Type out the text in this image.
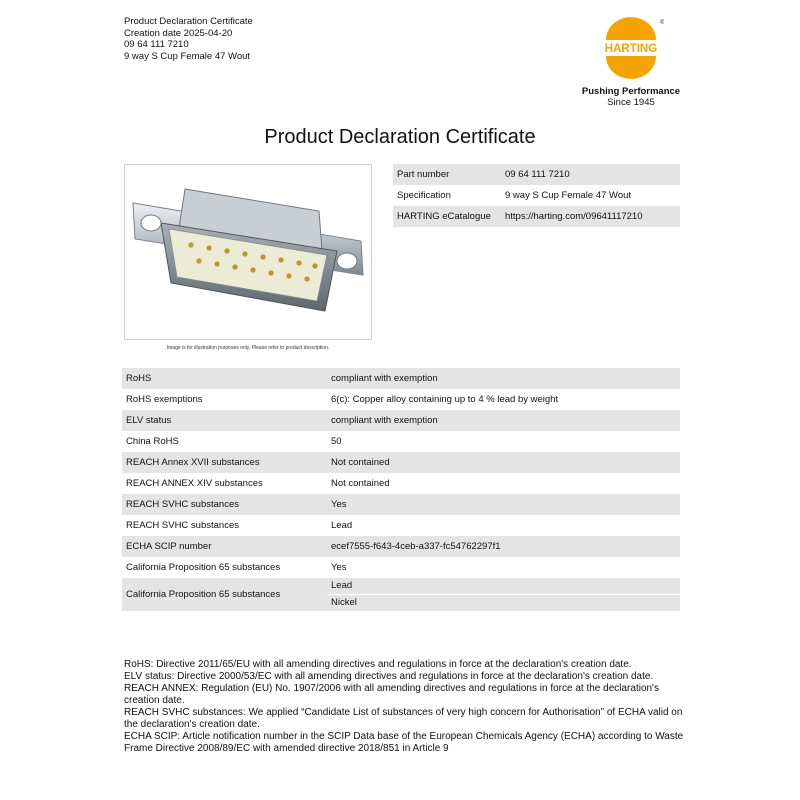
Product Declaration Certificate
Creation date 2025-04-20
09 64 111 7210
9 way S Cup Female 47 Wout
HARTING
®
Pushing Performance
Since 1945
Product Declaration Certificate
Image is for illustration purposes only. Please refer to product description.
Part number	09 64 111 7210
Specification	9 way S Cup Female 47 Wout
HARTING eCatalogue	https://harting.com/09641117210
RoHS	compliant with exemption
RoHS exemptions	6(c): Copper alloy containing up to 4 % lead by weight
ELV status	compliant with exemption
China RoHS	50
REACH Annex XVII substances	Not contained
REACH ANNEX XIV substances	Not contained
REACH SVHC substances	Yes
REACH SVHC substances	Lead
ECHA SCIP number	ecef7555-f643-4ceb-a337-fc54762297f1
California Proposition 65 substances	Yes
California Proposition 65 substances	Lead
Nickel

RoHS: Directive 2011/65/EU with all amending directives and regulations in force at the declaration's creation date.

ELV status: Directive 2000/53/EC with all amending directives and regulations in force at the declaration's creation date.

REACH ANNEX: Regulation (EU) No. 1907/2006 with all amending directives and regulations in force at the declaration's creation date.

REACH SVHC substances: We applied “Candidate List of substances of very high concern for Authorisation” of ECHA valid on the declaration's creation date.

ECHA SCIP: Article notification number in the SCIP Data base of the European Chemicals Agency (ECHA) according to Waste Frame Directive 2008/89/EC with amended directive 2018/851 in Article 9
